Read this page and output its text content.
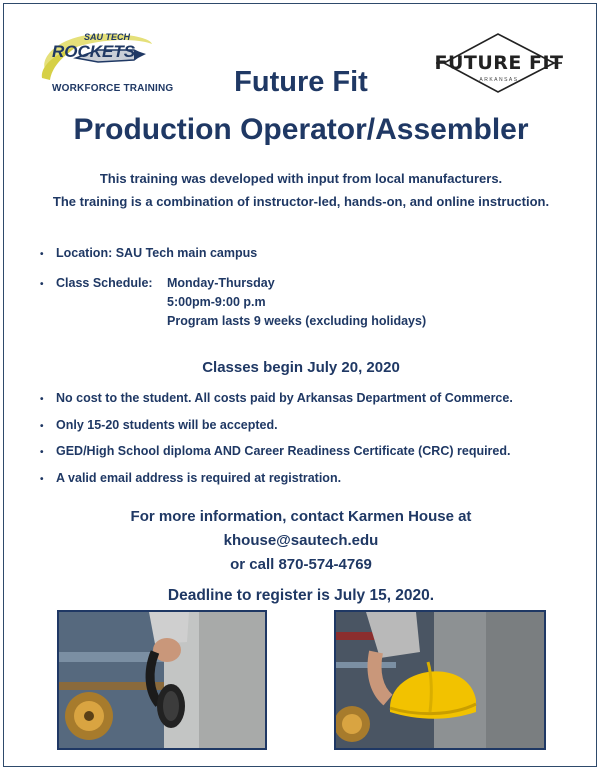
SAU TECH
ROCKETS
WORKFORCE TRAINING
FUTURE FIT
ARKANSAS
Future Fit
Production Operator/Assembler
This training was developed with input from local manufacturers.
The training is a combination of instructor-led, hands-on, and online instruction.
• Location: SAU Tech main campus
• Class Schedule: Monday-Thursday
5:00pm-9:00 p.m
Program lasts 9 weeks (excluding holidays)
Classes begin July 20, 2020
• No cost to the student. All costs paid by Arkansas Department of Commerce.
• Only 15-20 students will be accepted.
• GED/High School diploma AND Career Readiness Certificate (CRC) required.
• A valid email address is required at registration.
For more information, contact Karmen House at
khouse@sautech.edu
or call 870-574-4769
Deadline to register is July 15, 2020.
